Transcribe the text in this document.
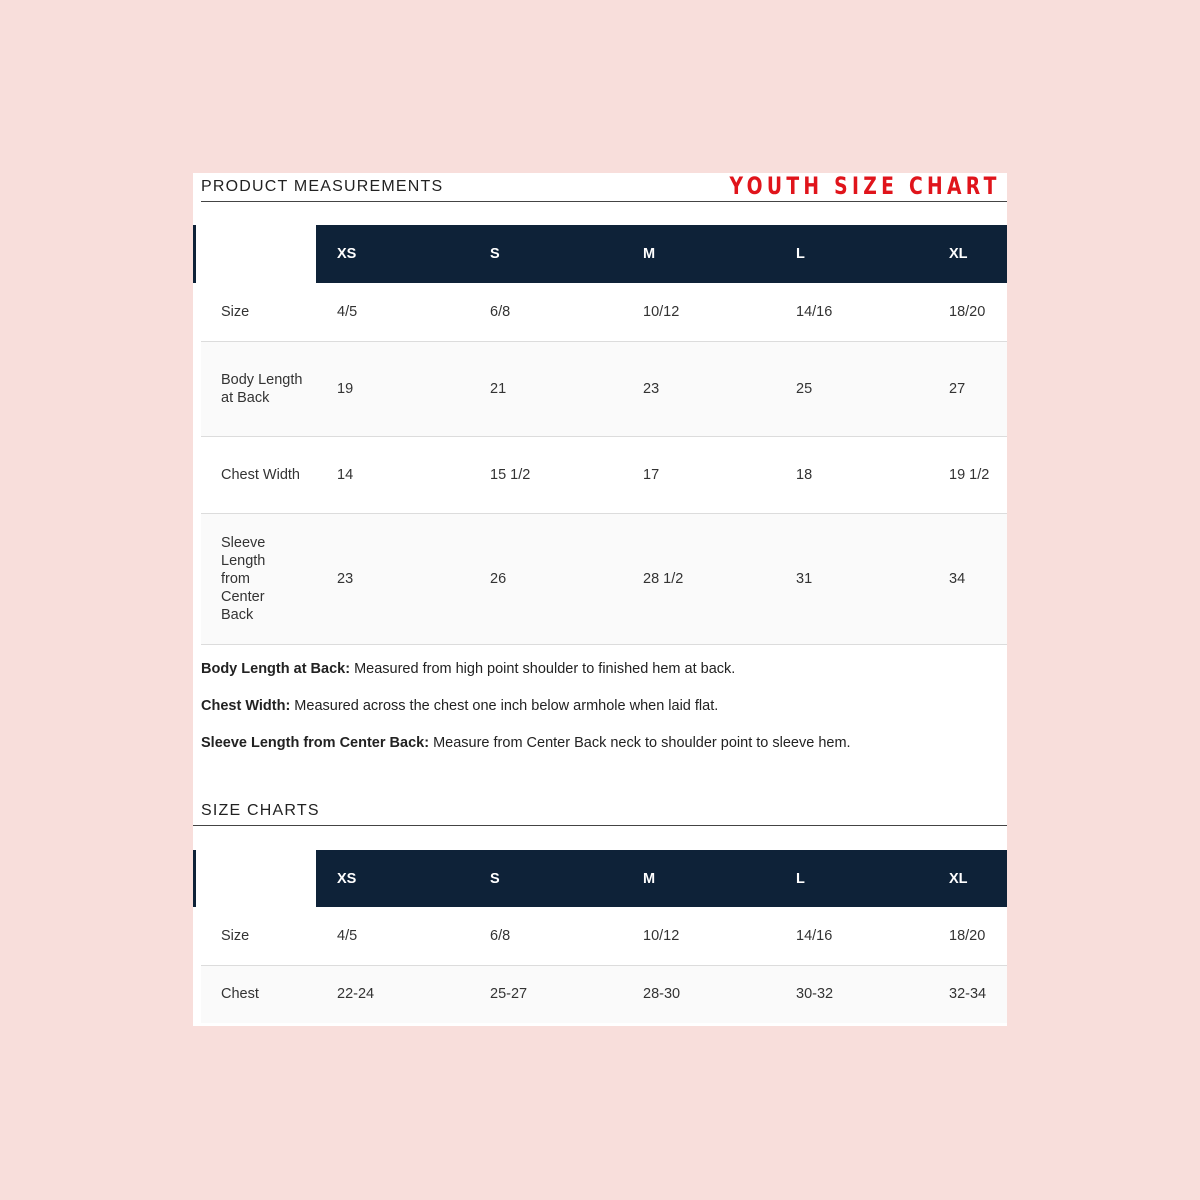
PRODUCT MEASUREMENTS	YOUTH SIZE CHART
	XS	S	M	L	XL
Size	4/5	6/8	10/12	14/16	18/20
Body Length at Back	19	21	23	25	27
Chest Width	14	15 1/2	17	18	19 1/2
Sleeve Length from Center Back	23	26	28 1/2	31	34

Body Length at Back: Measured from high point shoulder to finished hem at back.

Chest Width: Measured across the chest one inch below armhole when laid flat.

Sleeve Length from Center Back: Measure from Center Back neck to shoulder point to sleeve hem.

SIZE CHARTS
	XS	S	M	L	XL
Size	4/5	6/8	10/12	14/16	18/20
Chest	22-24	25-27	28-30	30-32	32-34
